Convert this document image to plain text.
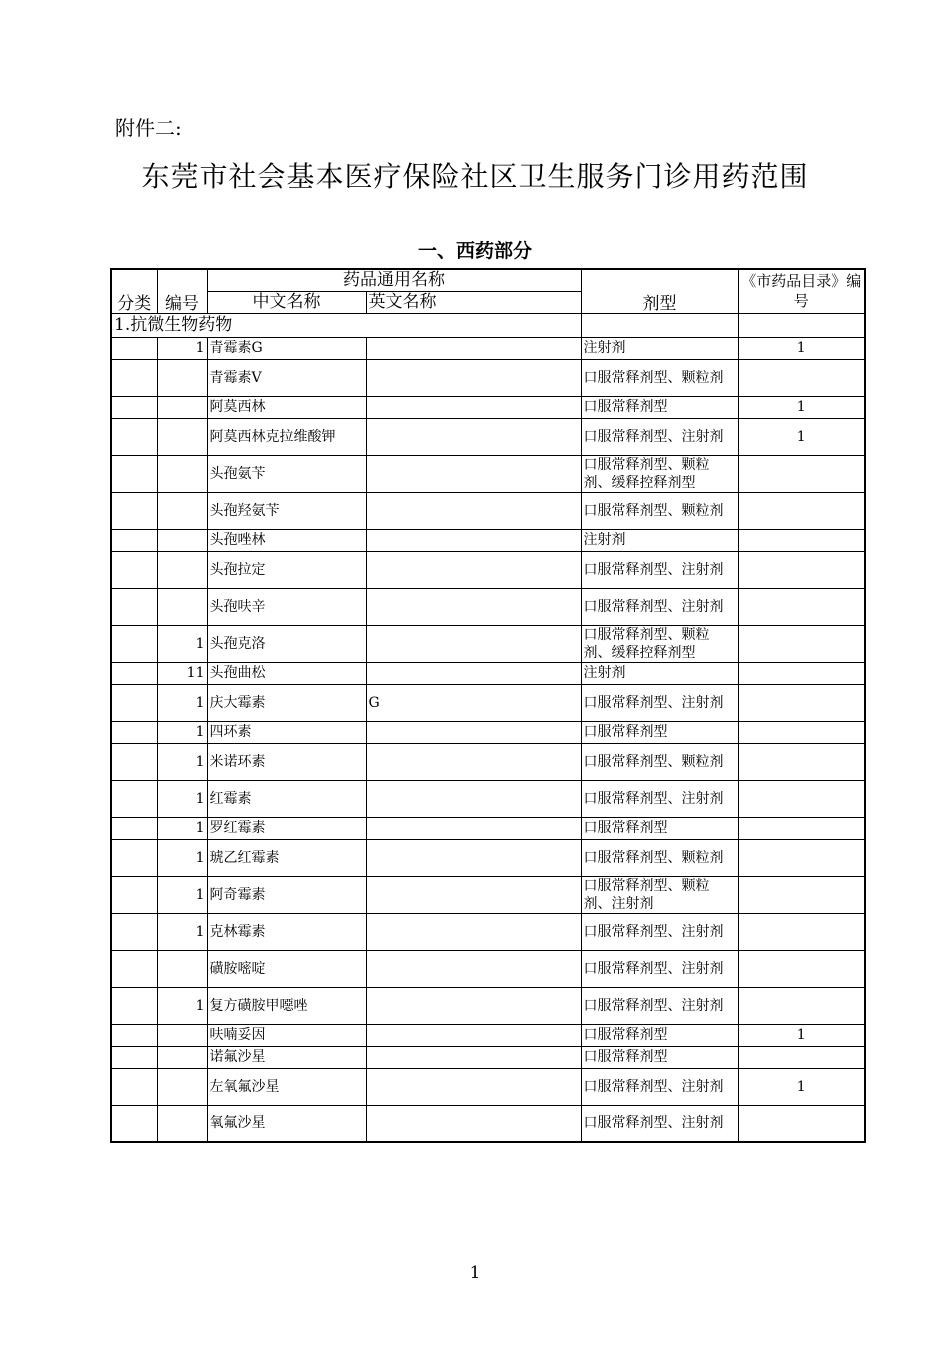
附件二:
东莞市社会基本医疗保险社区卫生服务门诊用药范围
一、西药部分
分类	编号	药品通用名称		剂型	《市药品目录》编号
		中文名称	英文名称		
1.抗微生物药物					
	1	青霉素G		注射剂	1
		青霉素V		口服常释剂型、颗粒剂	
		阿莫西林		口服常释剂型	1
		阿莫西林克拉维酸钾		口服常释剂型、注射剂	1
		头孢氨苄		口服常释剂型、颗粒剂、缓释控释剂型	
		头孢羟氨苄		口服常释剂型、颗粒剂	
		头孢唑林		注射剂	
		头孢拉定		口服常释剂型、注射剂	
		头孢呋辛		口服常释剂型、注射剂	
	1	头孢克洛		口服常释剂型、颗粒剂、缓释控释剂型	
	11	头孢曲松		注射剂	
	1	庆大霉素	G	口服常释剂型、注射剂	
	1	四环素		口服常释剂型	
	1	米诺环素		口服常释剂型、颗粒剂	
	1	红霉素		口服常释剂型、注射剂	
	1	罗红霉素		口服常释剂型	
	1	琥乙红霉素		口服常释剂型、颗粒剂	
	1	阿奇霉素		口服常释剂型、颗粒剂、注射剂	
	1	克林霉素		口服常释剂型、注射剂	
		磺胺嘧啶		口服常释剂型、注射剂	
	1	复方磺胺甲噁唑		口服常释剂型、注射剂	
		呋喃妥因		口服常释剂型	1
		诺氟沙星		口服常释剂型	
		左氧氟沙星		口服常释剂型、注射剂	1
		氧氟沙星		口服常释剂型、注射剂	
1
